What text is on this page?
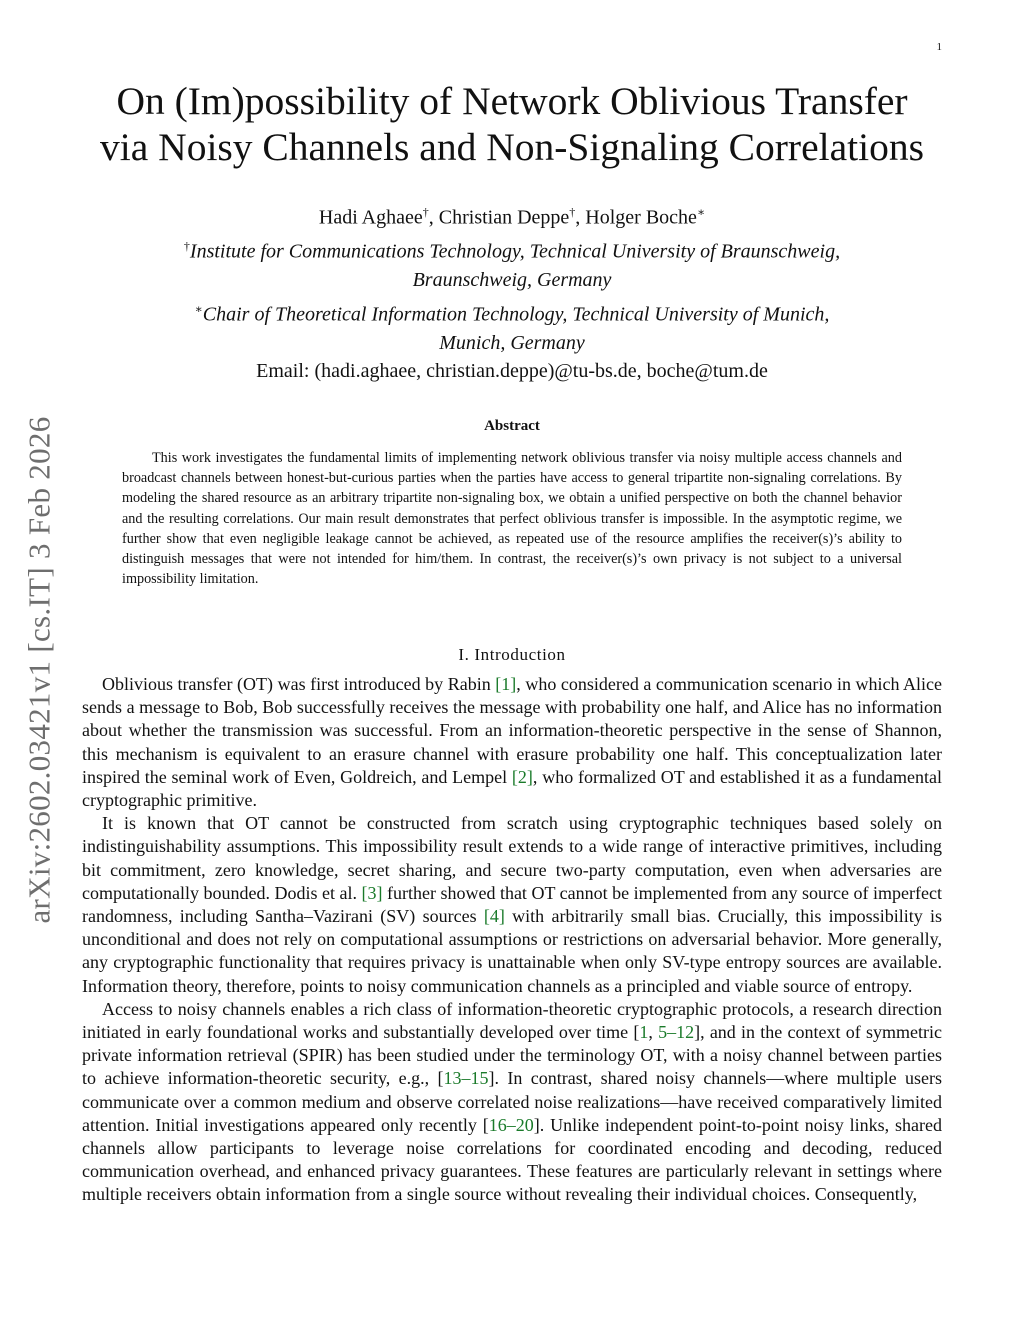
1
arXiv:2602.03421v1 [cs.IT] 3 Feb 2026
On (Im)possibility of Network Oblivious Transfer
via Noisy Channels and Non-Signaling Correlations
Hadi Aghaee†, Christian Deppe†, Holger Boche∗
†Institute for Communications Technology, Technical University of Braunschweig,
Braunschweig, Germany
∗Chair of Theoretical Information Technology, Technical University of Munich,
Munich, Germany
Email: (hadi.aghaee, christian.deppe)@tu-bs.de, boche@tum.de
Abstract

This work investigates the fundamental limits of implementing network oblivious transfer via noisy multiple access channels and broadcast channels between honest-but-curious parties when the parties have access to general tripartite non-signaling correlations. By modeling the shared resource as an arbitrary tripartite non-signaling box, we obtain a unified perspective on both the channel behavior and the resulting correlations. Our main result demonstrates that perfect oblivious transfer is impossible. In the asymptotic regime, we further show that even negligible leakage cannot be achieved, as repeated use of the resource amplifies the receiver(s)’s ability to distinguish messages that were not intended for him/them. In contrast, the receiver(s)’s own privacy is not subject to a universal impossibility limitation.

I. Introduction

Oblivious transfer (OT) was first introduced by Rabin [1], who considered a communication scenario in which Alice sends a message to Bob, Bob successfully receives the message with probability one half, and Alice has no information about whether the transmission was successful. From an information-theoretic perspective in the sense of Shannon, this mechanism is equivalent to an erasure channel with erasure probability one half. This conceptualization later inspired the seminal work of Even, Goldreich, and Lempel [2], who formalized OT and established it as a fundamental cryptographic primitive.

It is known that OT cannot be constructed from scratch using cryptographic techniques based solely on indistinguishability assumptions. This impossibility result extends to a wide range of interactive primitives, including bit commitment, zero knowledge, secret sharing, and secure two-party computation, even when adversaries are computationally bounded. Dodis et al. [3] further showed that OT cannot be implemented from any source of imperfect randomness, including Santha–Vazirani (SV) sources [4] with arbitrarily small bias. Crucially, this impossibility is unconditional and does not rely on computational assumptions or restrictions on adversarial behavior. More generally, any cryptographic functionality that requires privacy is unattainable when only SV-type entropy sources are available. Information theory, therefore, points to noisy communication channels as a principled and viable source of entropy.

Access to noisy channels enables a rich class of information-theoretic cryptographic protocols, a research direction initiated in early foundational works and substantially developed over time [1, 5–12], and in the context of symmetric private information retrieval (SPIR) has been studied under the terminology OT, with a noisy channel between parties to achieve information-theoretic security, e.g., [13–15]. In contrast, shared noisy channels—where multiple users communicate over a common medium and observe correlated noise realizations—have received comparatively limited attention. Initial investigations appeared only recently [16–20]. Unlike independent point-to-point noisy links, shared channels allow participants to leverage noise correlations for coordinated encoding and decoding, reduced communication overhead, and enhanced privacy guarantees. These features are particularly relevant in settings where multiple receivers obtain information from a single source without revealing their individual choices. Consequently,
